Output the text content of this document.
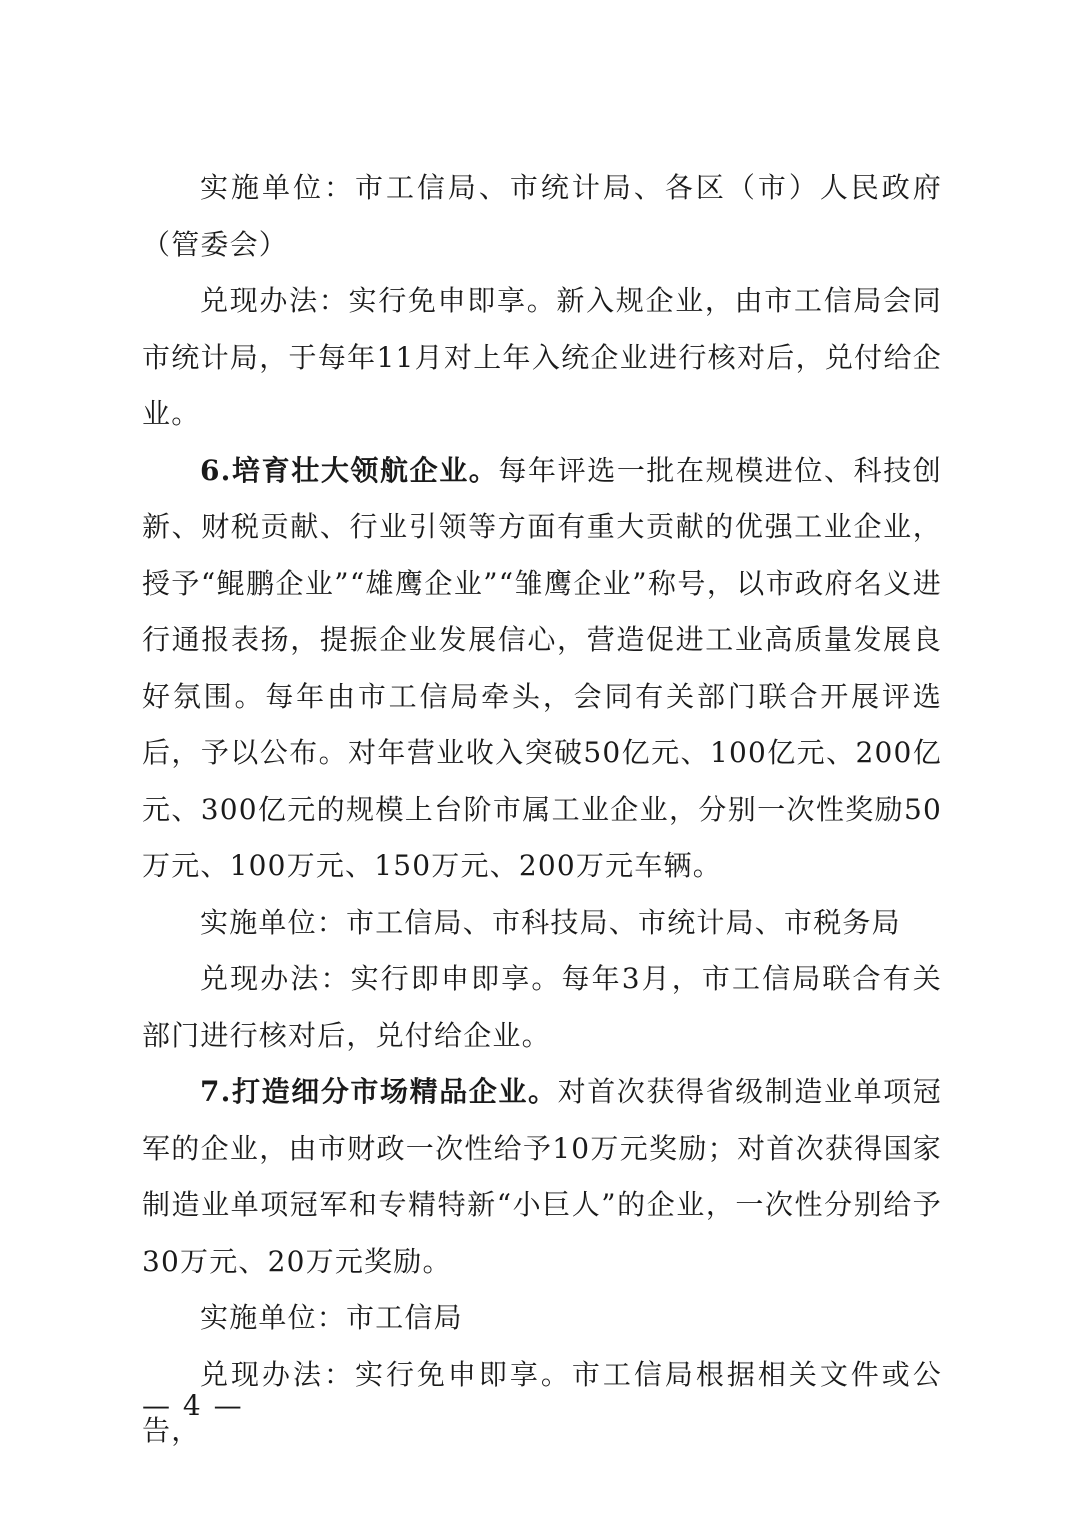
实施单位：市工信局、市统计局、各区（市）人民政府（管委会）

兑现办法：实行免申即享。新入规企业，由市工信局会同市统计局，于每年11月对上年入统企业进行核对后，兑付给企业。

6.培育壮大领航企业。每年评选一批在规模进位、科技创新、财税贡献、行业引领等方面有重大贡献的优强工业企业，授予“鲲鹏企业”“雄鹰企业”“雏鹰企业”称号，以市政府名义进行通报表扬，提振企业发展信心，营造促进工业高质量发展良好氛围。每年由市工信局牵头，会同有关部门联合开展评选后，予以公布。对年营业收入突破50亿元、100亿元、200亿元、300亿元的规模上台阶市属工业企业，分别一次性奖励50万元、100万元、150万元、200万元车辆。

实施单位：市工信局、市科技局、市统计局、市税务局

兑现办法：实行即申即享。每年3月，市工信局联合有关部门进行核对后，兑付给企业。

7.打造细分市场精品企业。对首次获得省级制造业单项冠军的企业，由市财政一次性给予10万元奖励；对首次获得国家制造业单项冠军和专精特新“小巨人”的企业，一次性分别给予30万元、20万元奖励。

实施单位：市工信局

兑现办法：实行免申即享。市工信局根据相关文件或公告，

— 4 —
